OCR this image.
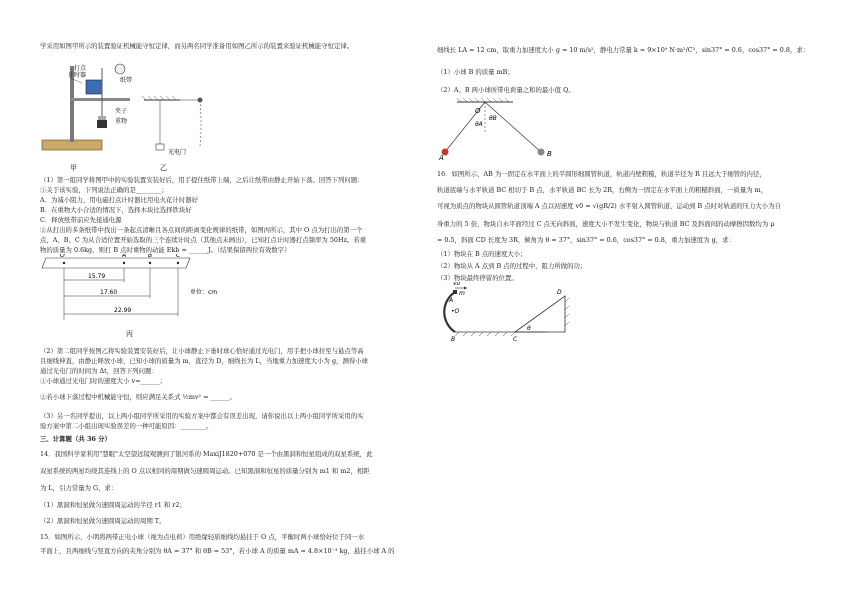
学采用如图甲所示的装置验证机械能守恒定律，而另两名同学准备用如图乙所示的装置来验证机械能守恒定律。
打点
计时器
纸带
夹子
重物
甲
光电门
乙
（1）第一组同学将图甲中的实验装置安装好后，用手提住纸带上端，之后让纸带由静止开始下落。回答下列问题：
①关于该实验，下列说法正确的是________；
A．为减小阻力，用电磁打点计时器比用电火花计时器好
B．在重物大小合适的情况下，选择木块比选择铁块好
C．释放纸带前应先接通电源
②从打出的多条纸带中找出一条起点清晰且各点间的距离变化规律的纸带，如图丙所示，其中 O 点为打出的第一个
点，A、B、C 为从合适位置开始选取的三个连续计时点（其他点未画出），已知打点计时器打点频率为 50Hz。若重
物的质量为 0.6kg，则打 B 点时重物的动能 Ekb = ______J。（结果保留两位有效数字）
O	A	B	C
15.79
17.60
22.99
单位：cm
丙
（2）第二组同学按图乙将实验装置安装好后，让小球静止下垂时球心恰好通过光电门，用手把小球拉至与悬点等高
且细线伸直，由静止释放小球，已知小球的质量为 m，直径为 D，细线长为 L，当地重力加速度大小为 g，测得小球
通过光电门的时间为 Δt，回答下列问题：
①小球通过光电门时的速度大小 v=______；
②若小球下落过程中机械能守恒，则应满足关系式 ½mv² = ______。
（3）另一名同学提出，以上两小组同学所采用的实验方案中都会有误差出现，请你说出以上两小组同学所采用的实
验方案中第二小组出现实验误差的一种可能原因：________。
三、计算题（共 36 分）
14．我国科学家利用"慧眼"太空望远镜观测到了银河系的 MaxiJ1820+070 是一个由黑洞和恒星组成的双星系统，此
双星系统的两星均绕其连线上的 O 点以相同的周期做匀速圆周运动。已知黑洞和恒星的质量分别为 m1 和 m2，相距
为 L，引力常量为 G，求：
（1）黑洞和恒星做匀速圆周运动的半径 r1 和 r2；
（2）黑洞和恒星做匀速圆周运动的周期 T。
15．如图所示，小明将两带正电小球（视为点电荷）用绝缘轻质细线均悬挂于 O 点，平衡时两小球恰好位于同一水
平面上，且两细线与竖直方向的夹角分别为 θA = 37° 和 θB = 53°，若小球 A 的质量 mA = 4.8×10⁻³ kg，悬挂小球 A 的
细线长 LA = 12 cm，取重力加速度大小 g = 10 m/s²，静电力常量 k = 9×10⁹ N·m²/C²，sin37° = 0.6，cos37° = 0.8，求：
（1）小球 B 的质量 mB；
（2）A、B 两小球所带电荷量之和的最小值 Q。
O
θA
θB
A	B
16．如图所示，AB 为一固定在水平面上的半圆形细圆管轨道，轨道内壁粗糙，轨道半径为 R 且远大于细管的内径，
轨道底端与水平轨道 BC 相切于 B 点，水平轨道 BC 长为 2R，右侧为一固定在水平面上的粗糙斜面，一质量为 m，
可视为质点的物块从圆管轨道顶端 A 点以初速度 v0 = √(gR/2) 水平射入圆管轨道，运动到 B 点时对轨道的压力大小为自
身重力的 5 倍，物块自水平面经过 C 点无向斜面，速度大小不发生变化，物块与轨道 BC 及斜面间的动摩擦因数均为 μ
= 0.5，斜面 CD 长度为 3R，倾角为 θ = 37°，sin37° = 0.6，cos37° = 0.8，重力加速度为 g，求：
（1）物块在 B 点的速度大小；
（2）物块从 A 点到 B 点的过程中，阻力所做的功；
（3）物块最终停留的位置。
v0
m
A
•O
B	C
D
θ
